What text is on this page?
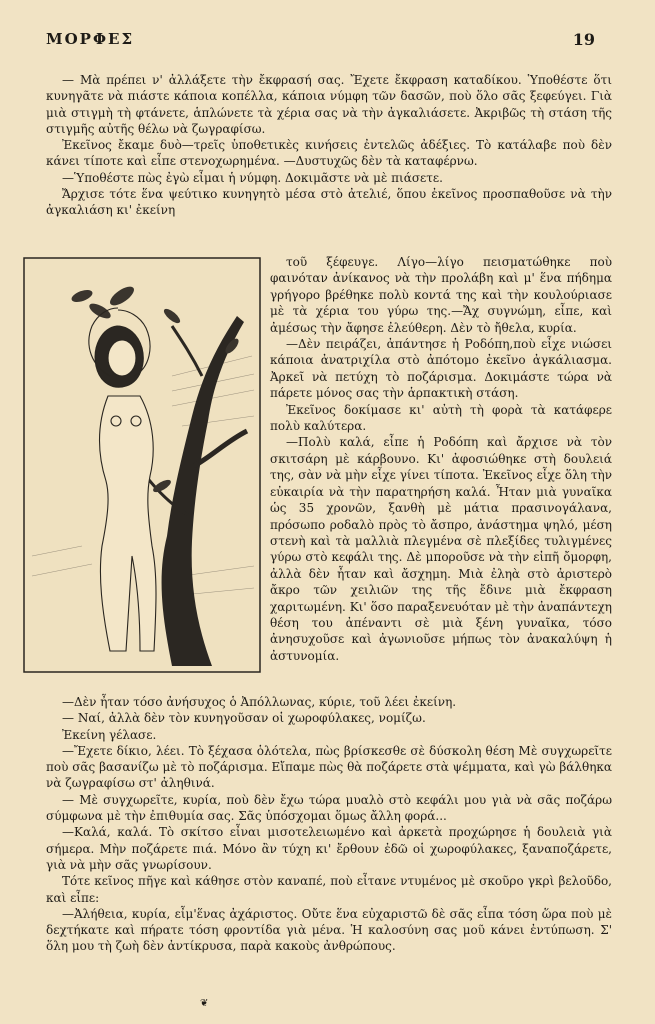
ΜΟΡΦΕΣ	19

— Μὰ πρέπει ν' ἀλλάξετε τὴν ἔκφρασή σας. Ἔχετε ἔκφραση καταδίκου. Ὑποθέστε ὅτι κυνηγᾶτε νὰ πιάστε κάποια κοπέλλα, κάποια νύμφη τῶν δασῶν, ποὺ ὅλο σᾶς ξεφεύγει. Γιὰ μιὰ στιγμὴ τὴ φτάνετε, ἁπλώνετε τὰ χέρια σας νὰ τὴν ἀγκαλιάσετε. Ἀκριβῶς τὴ στάση τῆς στιγμῆς αὐτῆς θέλω νὰ ζωγραφίσω.

Ἐκεῖνος ἔκαμε δυὸ—τρεῖς ὑποθετικὲς κινήσεις ἐντελῶς ἀδέξιες. Τὸ κατάλαβε ποὺ δὲν κάνει τίποτε καὶ εἶπε στενοχωρημένα. —Δυστυχῶς δὲν τὰ καταφέρνω.

—Ὑποθέστε πὼς ἐγὼ εἶμαι ἡ νύμφη. Δοκιμᾶστε νὰ μὲ πιάσετε.

Ἄρχισε τότε ἕνα ψεύτικο κυνηγητὸ μέσα στὸ ἀτελιέ, ὅπου ἐκεῖνος προσπαθοῦσε νὰ τὴν ἀγκαλιάση κι' ἐκείνη

τοῦ ξέφευγε. Λίγο—λίγο πεισματώθηκε ποὺ φαινόταν ἀνίκανος νὰ τὴν προλάβη καὶ μ' ἕνα πήδημα γρήγορο βρέθηκε πολὺ κοντά της καὶ τὴν κουλούριασε μὲ τὰ χέρια του γύρω της.—Ἄχ συγνώμη, εἶπε, καὶ ἀμέσως τὴν ἄφησε ἐλεύθερη. Δὲν τὸ ἤθελα, κυρία.

—Δὲν πειράζει, ἀπάντησε ἡ Ροδόπη,ποὺ εἶχε νιώσει κάποια ἀνατριχίλα στὸ ἀπότομο ἐκεῖνο ἀγκάλιασμα. Ἀρκεῖ νὰ πετύχη τὸ ποζάρισμα. Δοκιμάστε τώρα νὰ πάρετε μόνος σας τὴν ἁρπακτικὴ στάση.

Ἐκεῖνος δοκίμασε κι' αὐτὴ τὴ φορὰ τὰ κατάφερε πολὺ καλύτερα.

—Πολὺ καλά, εἶπε ἡ Ροδόπη καὶ ἄρχισε νὰ τὸν σκιτσάρη μὲ κάρβουνο. Κι' ἀφοσιώθηκε στὴ δουλειά της, σὰν νὰ μὴν εἶχε γίνει τίποτα. Ἐκεῖνος εἶχε ὅλη τὴν εὐκαιρία νὰ τὴν παρατηρήση καλά. Ἦταν μιὰ γυναῖκα ὡς 35 χρονῶν, ξανθὴ μὲ μάτια πρασινογάλανα, πρόσωπο ροδαλὸ πρὸς τὸ ἄσπρο, ἀνάστημα ψηλό, μέση στενὴ καὶ τὰ μαλλιὰ πλεγμένα σὲ πλεξίδες τυλιγμένες γύρω στὸ κεφάλι της. Δὲ μποροῦσε νὰ τὴν εἰπῆ ὄμορφη, ἀλλὰ δὲν ἦταν καὶ ἄσχημη. Μιὰ ἐληὰ στὸ ἀριστερὸ ἄκρο τῶν χειλιῶν της τῆς ἔδινε μιὰ ἔκφραση χαριτωμένη. Κι' ὅσο παραξενευόταν μὲ τὴν ἀναπάντεχη θέση του ἀπέναντι σὲ μιὰ ξένη γυναῖκα, τόσο ἀνησυχοῦσε καὶ ἀγωνιοῦσε μήπως τὸν ἀνακαλύψη ἡ ἀστυνομία.

—Δὲν ἦταν τόσο ἀνήσυχος ὁ Ἀπόλλωνας, κύριε, τοῦ λέει ἐκείνη.

— Ναί, ἀλλὰ δὲν τὸν κυνηγοῦσαν οἱ χωροφύλακες, νομίζω.

Ἐκείνη γέλασε.

—Ἔχετε δίκιο, λέει. Τὸ ξέχασα ὁλότελα, πὼς βρίσκεσθε σὲ δύσκολη θέση Μὲ συγχωρεῖτε ποὺ σᾶς βασανίζω μὲ τὸ ποζάρισμα. Εἴπαμε πὼς θὰ ποζάρετε στὰ ψέμματα, καὶ γὼ βάλθηκα νὰ ζωγραφίσω στ' ἀληθινά.

— Μὲ συγχωρεῖτε, κυρία, ποὺ δὲν ἔχω τώρα μυαλὸ στὸ κεφάλι μου γιὰ νὰ σᾶς ποζάρω σύμφωνα μὲ τὴν ἐπιθυμία σας. Σᾶς ὑπόσχομαι ὅμως ἄλλη φορά...

—Καλά, καλά. Τὸ σκίτσο εἶναι μισοτελειωμένο καὶ ἀρκετὰ προχώρησε ἡ δουλειὰ γιὰ σήμερα. Μὴν ποζάρετε πιά. Μόνο ἂν τύχη κι' ἔρθουν ἐδῶ οἱ χωροφύλακες, ξαναποζάρετε, γιὰ νὰ μὴν σᾶς γνωρίσουν.

Τότε κεῖνος πῆγε καὶ κάθησε στὸν καναπέ, ποὺ εἶτανε ντυμένος μὲ σκοῦρο γκρὶ βελοῦδο, καὶ εἶπε:

—Ἀλήθεια, κυρία, εἶμ'ἕνας ἀχάριστος. Οὔτε ἕνα εὐχαριστῶ δὲ σᾶς εἶπα τόση ὥρα ποὺ μὲ δεχτήκατε καὶ πήρατε τόση φροντίδα γιὰ μένα. Ἡ καλοσύνη σας μοῦ κάνει ἐντύπωση. Σ' ὅλη μου τὴ ζωὴ δὲν ἀντίκρυσα, παρὰ κακοὺς ἀνθρώπους.

❦
